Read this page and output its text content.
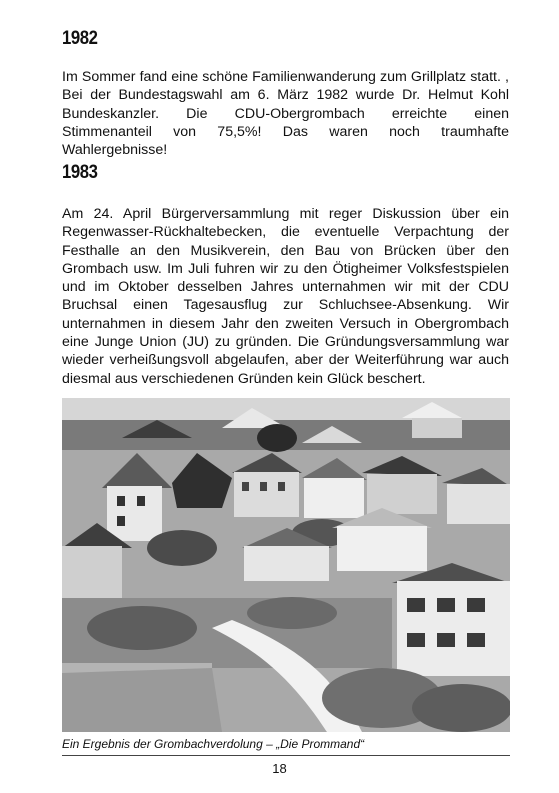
1982

Im Sommer fand eine schöne Familienwanderung zum Grillplatz statt. , Bei der Bundestagswahl am 6. März 1982 wurde Dr. Helmut Kohl Bundeskanzler. Die CDU-Obergrombach erreichte einen Stimmenanteil von 75,5%! Das waren noch traumhafte Wahlergebnisse!

1983

Am 24. April Bürgerversammlung mit reger Diskussion über ein Regenwasser-Rückhaltebecken, die eventuelle Verpachtung der Festhalle an den Musikverein, den Bau von Brücken über den Grombach usw. Im Juli fuhren wir zu den Ötigheimer Volksfestspielen und im Oktober desselben Jahres unternahmen wir mit der CDU Bruchsal einen Tagesausflug zur Schluchsee-Absenkung. Wir unternahmen in diesem Jahr den zweiten Versuch in Obergrombach eine Junge Union (JU) zu gründen. Die Gründungsversammlung war wieder verheißungsvoll abgelaufen, aber der Weiterführung war auch diesmal aus verschiedenen Gründen kein Glück beschert.

Ein Ergebnis der Grombachverdolung – „Die Prommand“

18
